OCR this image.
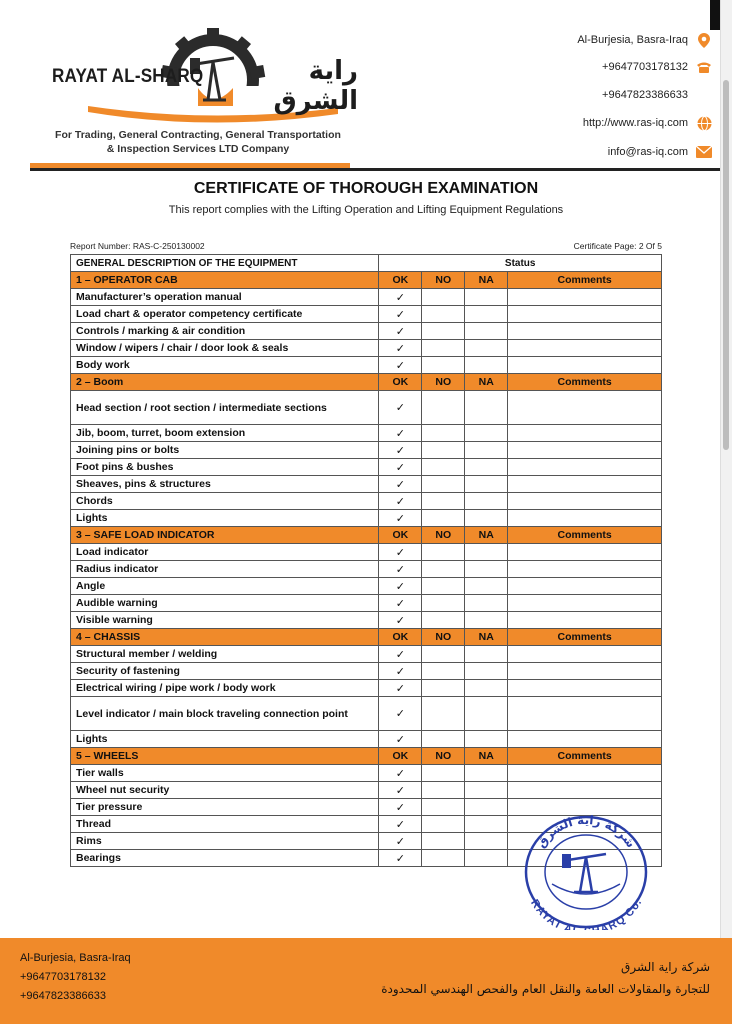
RAYAT AL-SHARQ	راية الشرق
For Trading, General Contracting, General Transportation
& Inspection Services LTD Company
Al-Burjesia, Basra-Iraq
+9647703178132
+9647823386633
http://www.ras-iq.com
info@ras-iq.com
CERTIFICATE OF THOROUGH EXAMINATION
This report complies with the Lifting Operation and Lifting Equipment Regulations
Report Number: RAS-C-250130002	Certificate Page: 2 Of 5
GENERAL DESCRIPTION OF THE EQUIPMENT	Status			
1 – OPERATOR CAB	OK	NO	NA	Comments
Manufacturer’s operation manual	✓			
Load chart & operator competency certificate	✓			
Controls / marking & air condition	✓			
Window / wipers / chair / door look & seals	✓			
Body work	✓			
2 – Boom	OK	NO	NA	Comments
Head section / root section / intermediate sections	✓			
Jib, boom, turret, boom extension	✓			
Joining pins or bolts	✓			
Foot pins & bushes	✓			
Sheaves, pins & structures	✓			
Chords	✓			
Lights	✓			
3 – SAFE LOAD INDICATOR	OK	NO	NA	Comments
Load indicator	✓			
Radius indicator	✓			
Angle	✓			
Audible warning	✓			
Visible warning	✓			
4 – CHASSIS	OK	NO	NA	Comments
Structural member / welding	✓			
Security of fastening	✓			
Electrical wiring / pipe work / body work	✓			
Level indicator / main block traveling connection point	✓			
Lights	✓			
5 – WHEELS	OK	NO	NA	Comments
Tier walls	✓			
Wheel nut security	✓			
Tier pressure	✓			
Thread	✓			
Rims	✓			
Bearings	✓			
شركة راية الشرق
RAYAT A ARQ Co.
Al-Burjesia, Basra-Iraq
+9647703178132
+9647823386633
شركة راية الشرق
للتجارة والمقاولات العامة والنقل العام والفحص الهندسي المحدودة
